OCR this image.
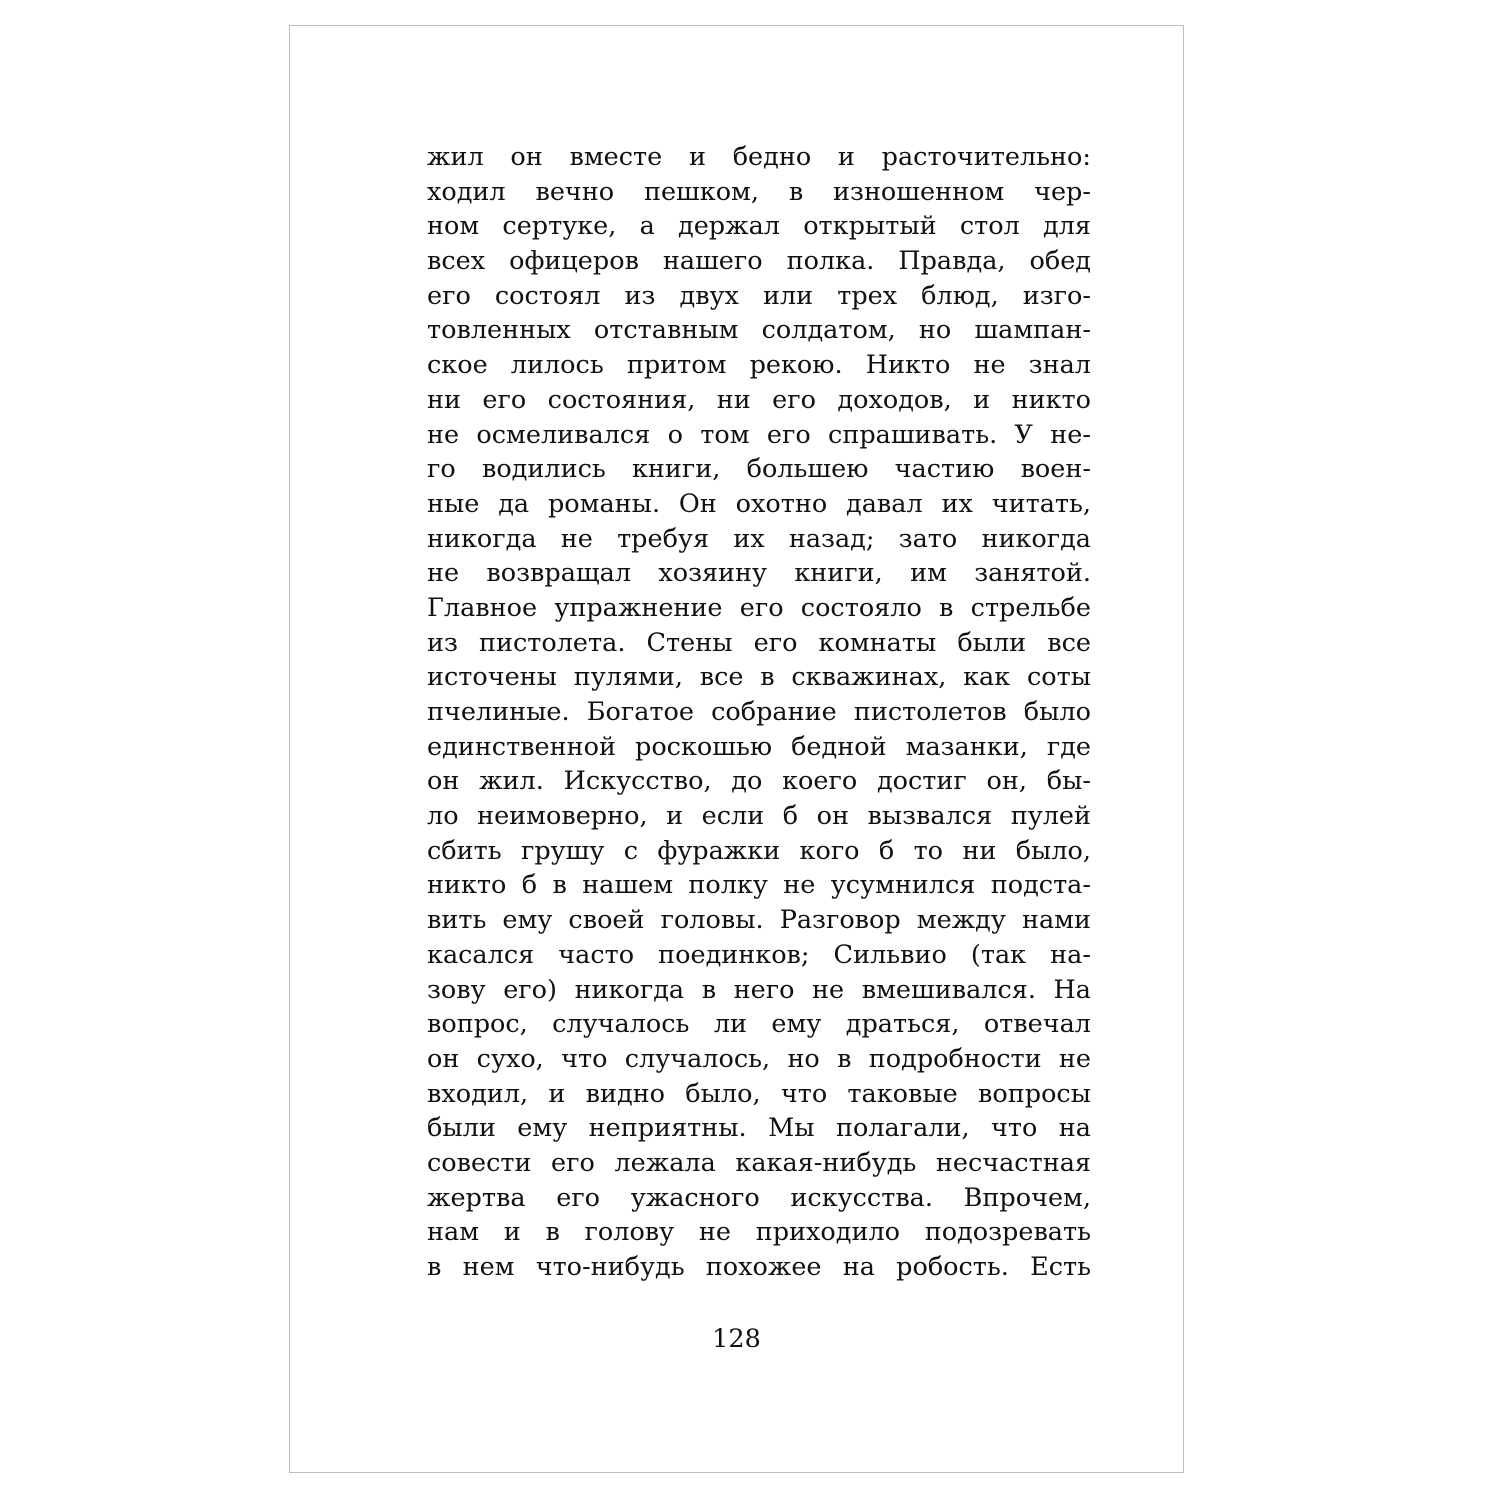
жил он вместе и бедно и расточительно:
ходил вечно пешком, в изношенном чер-
ном сертуке, а держал открытый стол для
всех офицеров нашего полка. Правда, обед
его состоял из двух или трех блюд, изго-
товленных отставным солдатом, но шампан-
ское лилось притом рекою. Никто не знал
ни его состояния, ни его доходов, и никто
не осмеливался о том его спрашивать. У не-
го водились книги, большею частию воен-
ные да романы. Он охотно давал их читать,
никогда не требуя их назад; зато никогда
не возвращал хозяину книги, им занятой.
Главное упражнение его состояло в стрельбе
из пистолета. Стены его комнаты были все
источены пулями, все в скважинах, как соты
пчелиные. Богатое собрание пистолетов было
единственной роскошью бедной мазанки, где
он жил. Искусство, до коего достиг он, бы-
ло неимоверно, и если б он вызвался пулей
сбить грушу с фуражки кого б то ни было,
никто б в нашем полку не усумнился подста-
вить ему своей головы. Разговор между нами
касался часто поединков; Сильвио (так на-
зову его) никогда в него не вмешивался. На
вопрос, случалось ли ему драться, отвечал
он сухо, что случалось, но в подробности не
входил, и видно было, что таковые вопросы
были ему неприятны. Мы полагали, что на
совести его лежала какая-нибудь несчастная
жертва его ужасного искусства. Впрочем,
нам и в голову не приходило подозревать
в нем что-нибудь похожее на робость. Есть
128
